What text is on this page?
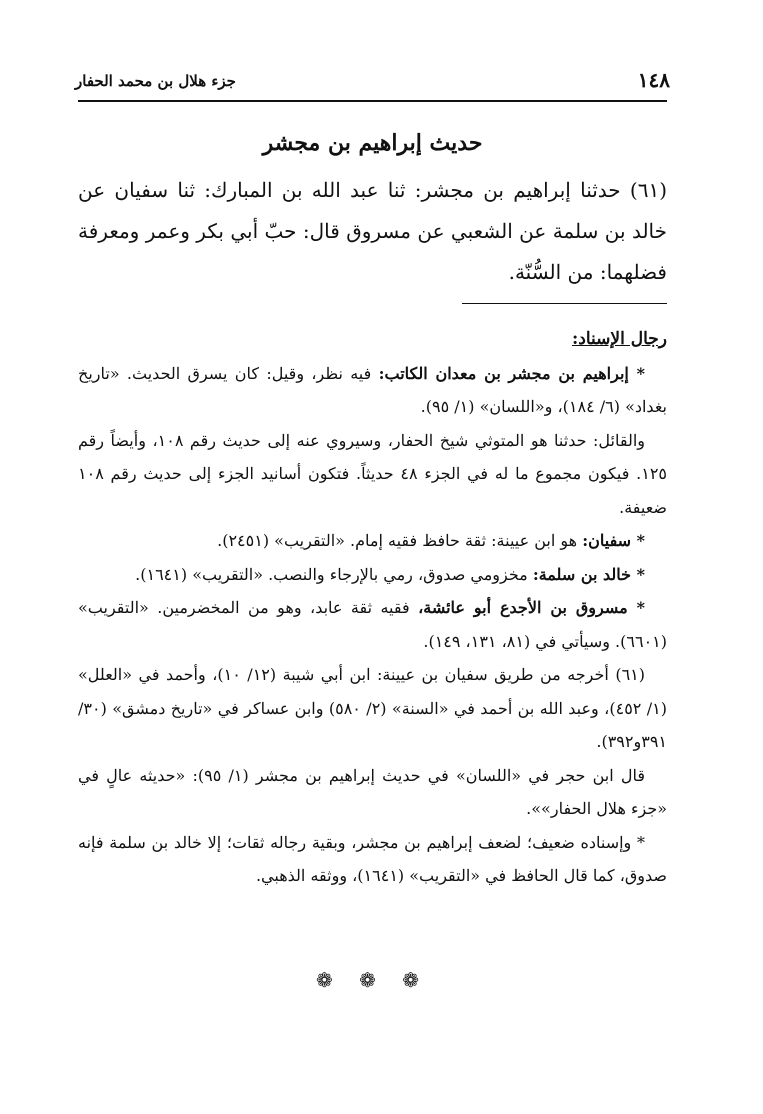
١٤٨
جزء هلال بن محمد الحفار
حديث إبراهيم بن مجشر

(٦١) حدثنا إبراهيم بن مجشر: ثنا عبد الله بن المبارك: ثنا سفيان عن خالد بن سلمة عن الشعبي عن مسروق قال: حبّ أبي بكر وعمر ومعرفة فضلهما: من السُّنّة.

رجال الإسناد:

* إبراهيم بن مجشر بن معدان الكاتب: فيه نظر، وقيل: كان يسرق الحديث. «تاريخ بغداد» (٦/ ١٨٤)، و«اللسان» (١/ ٩٥).

والقائل: حدثنا هو المتوثي شيخ الحفار، وسيروي عنه إلى حديث رقم ١٠٨، وأيضاً رقم ١٢٥. فيكون مجموع ما له في الجزء ٤٨ حديثاً. فتكون أسانيد الجزء إلى حديث رقم ١٠٨ ضعيفة.

* سفيان: هو ابن عيينة: ثقة حافظ فقيه إمام. «التقريب» (٢٤٥١).

* خالد بن سلمة: مخزومي صدوق، رمي بالإرجاء والنصب. «التقريب» (١٦٤١).

* مسروق بن الأجدع أبو عائشة، فقيه ثقة عابد، وهو من المخضرمين. «التقريب» (٦٦٠١). وسيأتي في (٨١، ١٣١، ١٤٩).

(٦١) أخرجه من طريق سفيان بن عيينة: ابن أبي شيبة (١٢/ ١٠)، وأحمد في «العلل» (١/ ٤٥٢)، وعبد الله بن أحمد في «السنة» (٢/ ٥٨٠) وابن عساكر في «تاريخ دمشق» (٣٠/ ٣٩١و٣٩٢).

قال ابن حجر في «اللسان» في حديث إبراهيم بن مجشر (١/ ٩٥): «حديثه عالٍ في «جزء هلال الحفار»».

* وإسناده ضعيف؛ لضعف إبراهيم بن مجشر، وبقية رجاله ثقات؛ إلا خالد بن سلمة فإنه صدوق، كما قال الحافظ في «التقريب» (١٦٤١)، ووثقه الذهبي.

❁ ❁ ❁
